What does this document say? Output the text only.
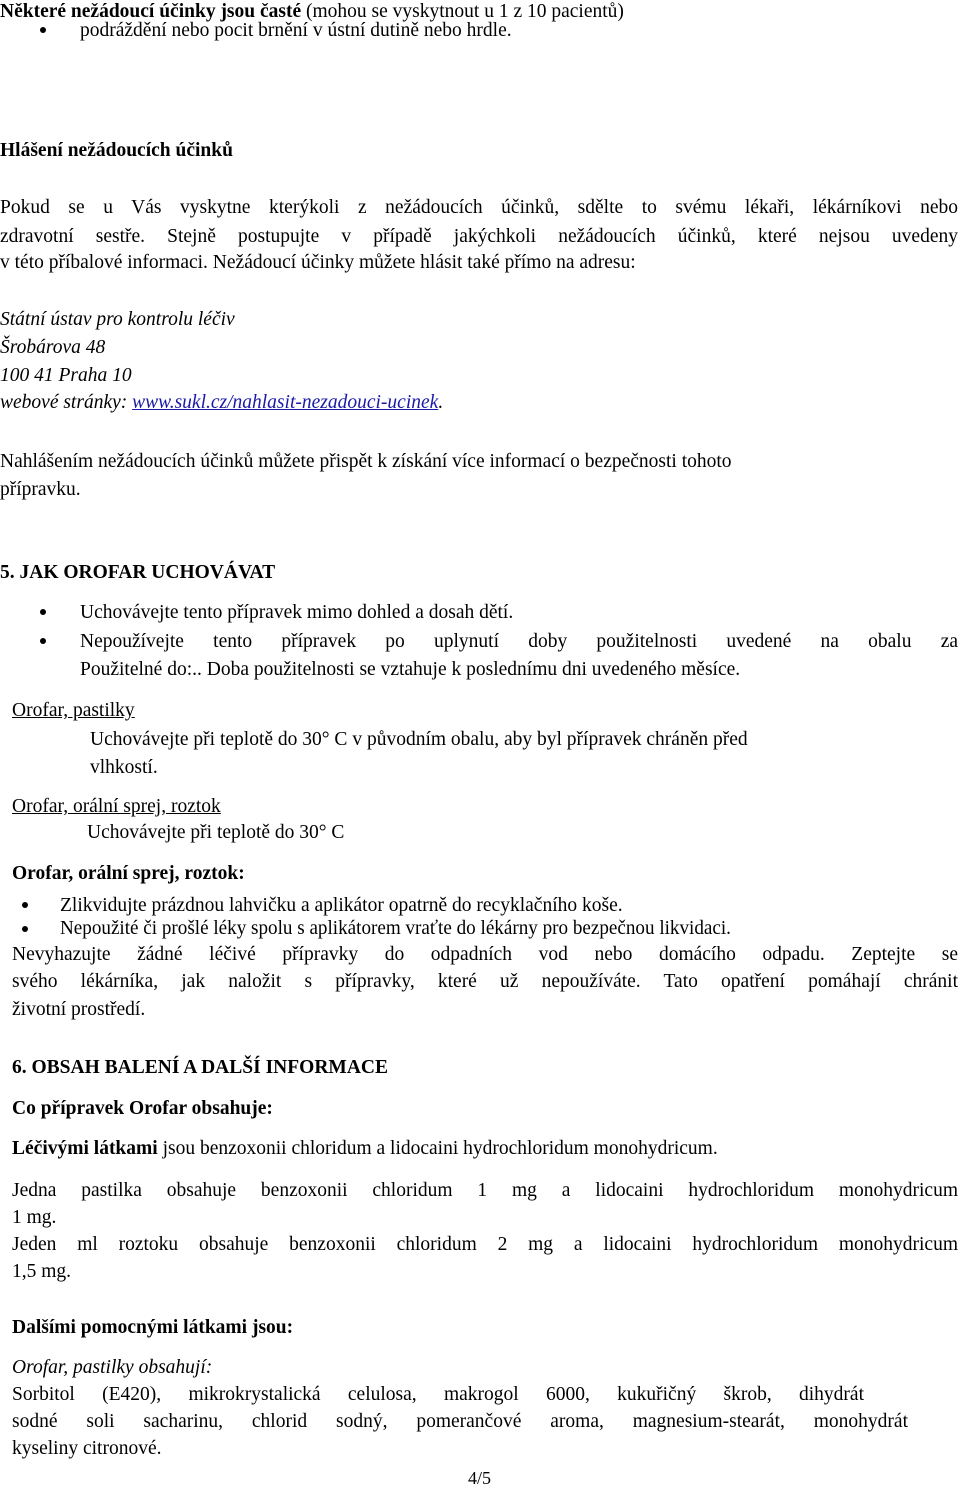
Některé nežádoucí účinky jsou časté (mohou se vyskytnout u 1 z 10 pacientů)
podráždění nebo pocit brnění v ústní dutině nebo hrdle.
Hlášení nežádoucích účinků
Pokud se u Vás vyskytne kterýkoli z nežádoucích účinků, sdělte to svému lékaři, lékárníkovi nebo
zdravotní sestře. Stejně postupujte v případě jakýchkoli nežádoucích účinků, které nejsou uvedeny
v této příbalové informaci. Nežádoucí účinky můžete hlásit také přímo na adresu:
Státní ústav pro kontrolu léčiv
Šrobárova 48
100 41 Praha 10
webové stránky: www.sukl.cz/nahlasit-nezadouci-ucinek.
Nahlášením nežádoucích účinků můžete přispět k získání více informací o bezpečnosti tohoto
přípravku.
5. JAK OROFAR UCHOVÁVAT
Uchovávejte tento přípravek mimo dohled a dosah dětí.
Nepoužívejte tento přípravek po uplynutí doby použitelnosti uvedené na obalu za
Použitelné do:.. Doba použitelnosti se vztahuje k poslednímu dni uvedeného měsíce.
Orofar, pastilky
Uchovávejte při teplotě do 30° C v původním obalu, aby byl přípravek chráněn před
vlhkostí.
Orofar, orální sprej, roztok
Uchovávejte při teplotě do 30° C
Orofar, orální sprej, roztok:
Zlikvidujte prázdnou lahvičku a aplikátor opatrně do recyklačního koše.
Nepoužité či prošlé léky spolu s aplikátorem vraťte do lékárny pro bezpečnou likvidaci.
Nevyhazujte žádné léčivé přípravky do odpadních vod nebo domácího odpadu. Zeptejte se
svého lékárníka, jak naložit s přípravky, které už nepoužíváte. Tato opatření pomáhají chránit
životní prostředí.
6. OBSAH BALENÍ A DALŠÍ INFORMACE
Co přípravek Orofar obsahuje:
Léčivými látkami jsou benzoxonii chloridum a lidocaini hydrochloridum monohydricum.
Jedna pastilka obsahuje benzoxonii chloridum 1 mg a lidocaini hydrochloridum monohydricum
1 mg.
Jeden ml roztoku obsahuje benzoxonii chloridum 2 mg a lidocaini hydrochloridum monohydricum
1,5 mg.
Dalšími pomocnými látkami jsou:
Orofar, pastilky obsahují:
Sorbitol (E420), mikrokrystalická celulosa, makrogol 6000, kukuřičný škrob, dihydrát
sodné soli sacharinu, chlorid sodný, pomerančové aroma, magnesium-stearát, monohydrát
kyseliny citronové.
4/5
